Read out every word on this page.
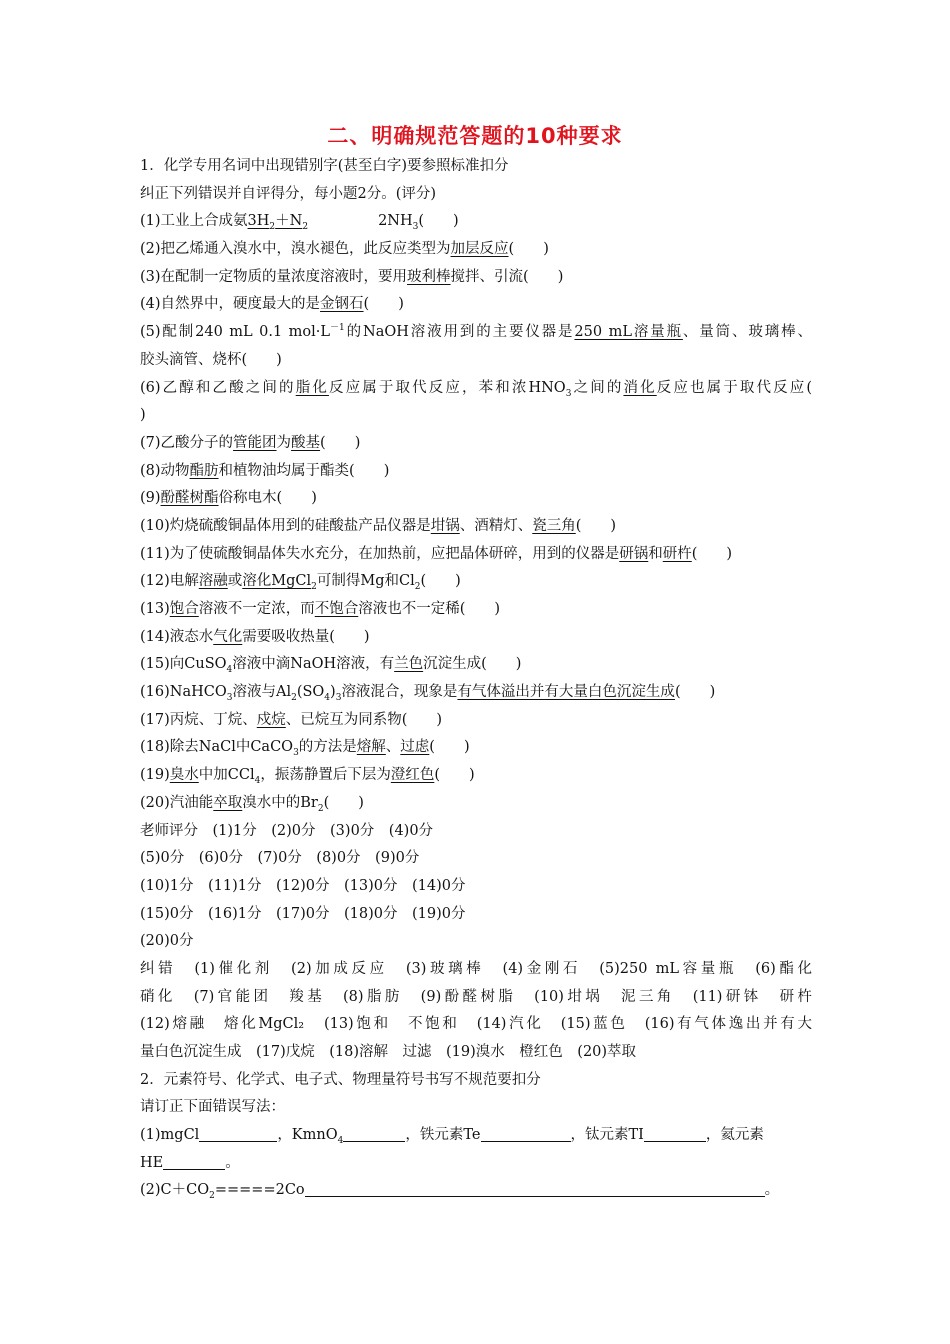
二、明确规范答题的10种要求
1．化学专用名词中出现错别字(甚至白字)要参照标准扣分
纠正下列错误并自评得分，每小题2分。(评分)
(1)工业上合成氨$3H_2+N_2$	$2NH_3$(　　)
(2)把乙烯通入溴水中，溴水褪色，此反应类型为加层反应(　　)
(3)在配制一定物质的量浓度溶液时，要用玻利棒搅拌、引流(　　)
(4)自然界中，硬度最大的是金钢石(　　)
(5)配制240 mL 0.1 $mol\cdot L^{-1}$的NaOH溶液用到的主要仪器是250 mL溶量瓶、量筒、玻璃棒、
胶头滴管、烧杯(　　)
(6)乙醇和乙酸之间的脂化反应属于取代反应，苯和浓$HNO_3$之间的消化反应也属于取代反应(
)
(7)乙酸分子的管能团为酸基(　　)
(8)动物酯肪和植物油均属于酯类(　　)
(9)酚醛树酯俗称电木(　　)
(10)灼烧硫酸铜晶体用到的硅酸盐产品仪器是坩锅、酒精灯、瓷三角(　　)
(11)为了使硫酸铜晶体失水充分，在加热前，应把晶体研碎，用到的仪器是研锅和研杵(　　)
(12)电解溶融或溶化MgCl$_2$可制得Mg和$Cl_2$(　　)
(13)饱合溶液不一定浓，而不饱合溶液也不一定稀(　　)
(14)液态水气化需要吸收热量(　　)
(15)向CuSO$_4$溶液中滴NaOH溶液，有兰色沉淀生成(　　)
(16)NaHCO$_3$溶液与$Al_2(SO_4)_3$溶液混合，现象是有气体溢出并有大量白色沉淀生成(　　)
(17)丙烷、丁烷、戍烷、已烷互为同系物(　　)
(18)除去NaCl中CaCO$_3$的方法是熔解、过虑(　　)
(19)臭水中加CCl$_4$，振荡静置后下层为澄红色(　　)
(20)汽油能卒取溴水中的$Br_2$(　　)
老师评分　(1)1分　(2)0分　(3)0分　(4)0分
(5)0分　(6)0分　(7)0分　(8)0分　(9)0分
(10)1分　(11)1分　(12)0分　(13)0分　(14)0分
(15)0分　(16)1分　(17)0分　(18)0分　(19)0分
(20)0分
纠错　(1)催化剂　(2)加成反应　(3)玻璃棒　(4)金刚石　(5)250 mL容量瓶　(6)酯化
硝化　(7)官能团　羧基　(8)脂肪　(9)酚醛树脂　(10)坩埚　泥三角　(11)研钵　研杵
(12)熔融　熔化MgCl₂　(13)饱和　不饱和　(14)汽化　(15)蓝色　(16)有气体逸出并有大
量白色沉淀生成　(17)戊烷　(18)溶解　过滤　(19)溴水　橙红色　(20)萃取
2．元素符号、化学式、电子式、物理量符号书写不规范要扣分
请订正下面错误写法：
(1)mgCl	，KmnO$_4$	，铁元素Te	，钛元素TI	，氦元素
HE	。
$(2)C+CO_2=====2Co$	。
